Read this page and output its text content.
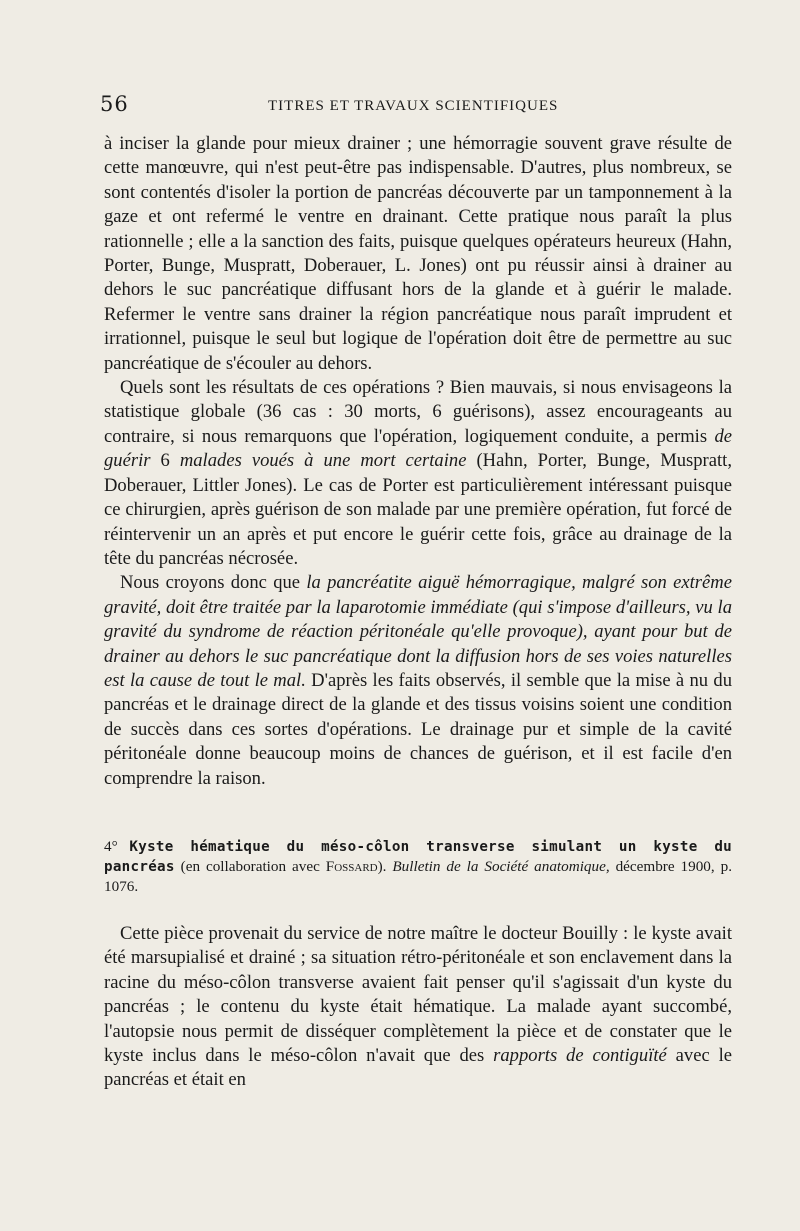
56	TITRES ET TRAVAUX SCIENTIFIQUES

à inciser la glande pour mieux drainer ; une hémorragie souvent grave résulte de cette manœuvre, qui n'est peut-être pas indispensable. D'autres, plus nombreux, se sont contentés d'isoler la portion de pancréas découverte par un tamponnement à la gaze et ont refermé le ventre en drainant. Cette pratique nous paraît la plus rationnelle ; elle a la sanction des faits, puisque quelques opérateurs heureux (Hahn, Porter, Bunge, Muspratt, Doberauer, L. Jones) ont pu réussir ainsi à drainer au dehors le suc pancréatique diffusant hors de la glande et à guérir le malade. Refermer le ventre sans drainer la région pancréatique nous paraît imprudent et irrationnel, puisque le seul but logique de l'opération doit être de permettre au suc pancréatique de s'écouler au dehors.

Quels sont les résultats de ces opérations ? Bien mauvais, si nous envisageons la statistique globale (36 cas : 30 morts, 6 guérisons), assez encourageants au contraire, si nous remarquons que l'opération, logiquement conduite, a permis de guérir 6 malades voués à une mort certaine (Hahn, Porter, Bunge, Muspratt, Doberauer, Littler Jones). Le cas de Porter est particulièrement intéressant puisque ce chirurgien, après guérison de son malade par une première opération, fut forcé de réintervenir un an après et put encore le guérir cette fois, grâce au drainage de la tête du pancréas nécrosée.

Nous croyons donc que la pancréatite aiguë hémorragique, malgré son extrême gravité, doit être traitée par la laparotomie immédiate (qui s'impose d'ailleurs, vu la gravité du syndrome de réaction péritonéale qu'elle provoque), ayant pour but de drainer au dehors le suc pancréatique dont la diffusion hors de ses voies naturelles est la cause de tout le mal. D'après les faits observés, il semble que la mise à nu du pancréas et le drainage direct de la glande et des tissus voisins soient une condition de succès dans ces sortes d'opérations. Le drainage pur et simple de la cavité péritonéale donne beaucoup moins de chances de guérison, et il est facile d'en comprendre la raison.

4° Kyste hématique du méso-côlon transverse simulant un kyste du pancréas (en collaboration avec Fossard). Bulletin de la Société anatomique, décembre 1900, p. 1076.

Cette pièce provenait du service de notre maître le docteur Bouilly : le kyste avait été marsupialisé et drainé ; sa situation rétro-péritonéale et son enclavement dans la racine du méso-côlon transverse avaient fait penser qu'il s'agissait d'un kyste du pancréas ; le contenu du kyste était hématique. La malade ayant succombé, l'autopsie nous permit de disséquer complètement la pièce et de constater que le kyste inclus dans le méso-côlon n'avait que des rapports de contiguïté avec le pancréas et était en
